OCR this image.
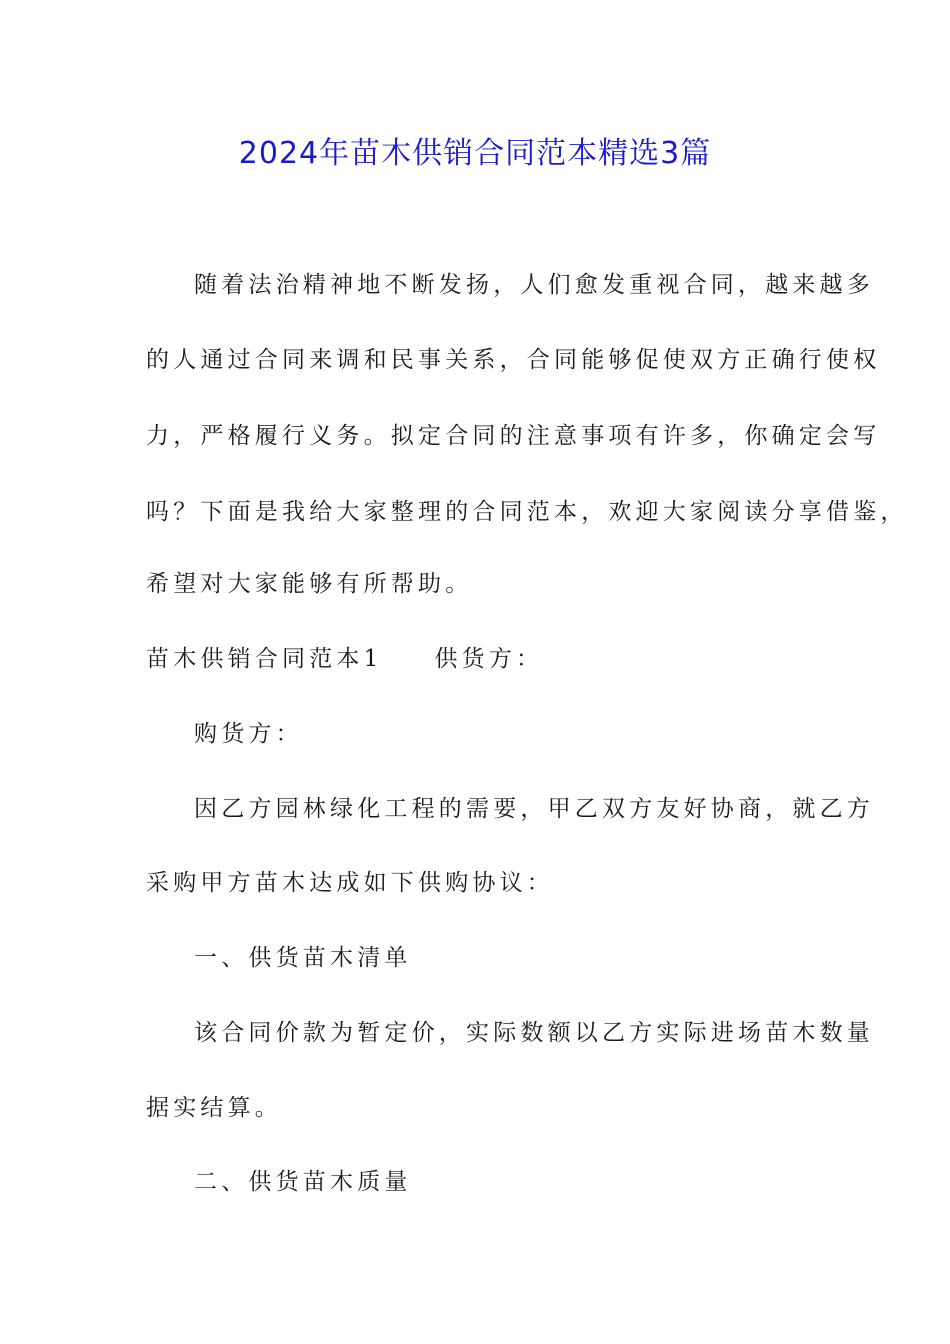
2024年苗木供销合同范本精选3篇
随着法治精神地不断发扬，人们愈发重视合同，越来越多
的人通过合同来调和民事关系，合同能够促使双方正确行使权
力，严格履行义务。拟定合同的注意事项有许多，你确定会写
吗？下面是我给大家整理的合同范本，欢迎大家阅读分享借鉴，
希望对大家能够有所帮助。
苗木供销合同范本1 供货方：
购货方：
因乙方园林绿化工程的需要，甲乙双方友好协商，就乙方
采购甲方苗木达成如下供购协议：
一、供货苗木清单
该合同价款为暂定价，实际数额以乙方实际进场苗木数量
据实结算。
二、供货苗木质量
